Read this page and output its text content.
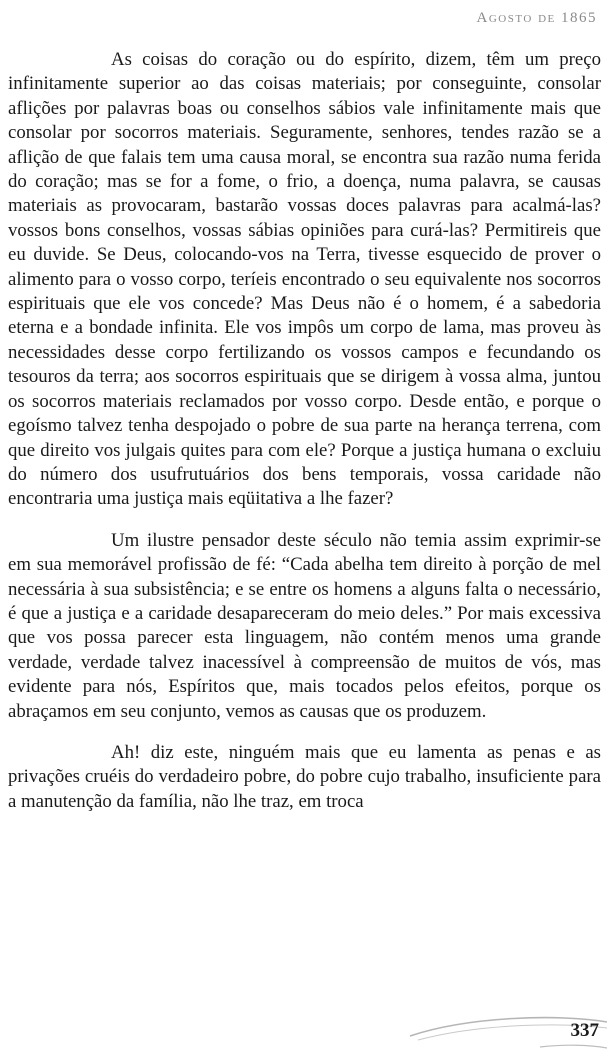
Agosto de 1865

As coisas do coração ou do espírito, dizem, têm um preço infinitamente superior ao das coisas materiais; por conseguinte, consolar aflições por palavras boas ou conselhos sábios vale infinitamente mais que consolar por socorros materiais. Seguramente, senhores, tendes razão se a aflição de que falais tem uma causa moral, se encontra sua razão numa ferida do coração; mas se for a fome, o frio, a doença, numa palavra, se causas materiais as provocaram, bastarão vossas doces palavras para acalmá-las? vossos bons conselhos, vossas sábias opiniões para curá-las? Permitireis que eu duvide. Se Deus, colocando-vos na Terra, tivesse esquecido de prover o alimento para o vosso corpo, teríeis encontrado o seu equivalente nos socorros espirituais que ele vos concede? Mas Deus não é o homem, é a sabedoria eterna e a bondade infinita. Ele vos impôs um corpo de lama, mas proveu às necessidades desse corpo fertilizando os vossos campos e fecundando os tesouros da terra; aos socorros espirituais que se dirigem à vossa alma, juntou os socorros materiais reclamados por vosso corpo. Desde então, e porque o egoísmo talvez tenha despojado o pobre de sua parte na herança terrena, com que direito vos julgais quites para com ele? Porque a justiça humana o excluiu do número dos usufrutuários dos bens temporais, vossa caridade não encontraria uma justiça mais eqüitativa a lhe fazer?

Um ilustre pensador deste século não temia assim exprimir-se em sua memorável profissão de fé: “Cada abelha tem direito à porção de mel necessária à sua subsistência; e se entre os homens a alguns falta o necessário, é que a justiça e a caridade desapareceram do meio deles.” Por mais excessiva que vos possa parecer esta linguagem, não contém menos uma grande verdade, verdade talvez inacessível à compreensão de muitos de vós, mas evidente para nós, Espíritos que, mais tocados pelos efeitos, porque os abraçamos em seu conjunto, vemos as causas que os produzem.

Ah! diz este, ninguém mais que eu lamenta as penas e as privações cruéis do verdadeiro pobre, do pobre cujo trabalho, insuficiente para a manutenção da família, não lhe traz, em troca

337
